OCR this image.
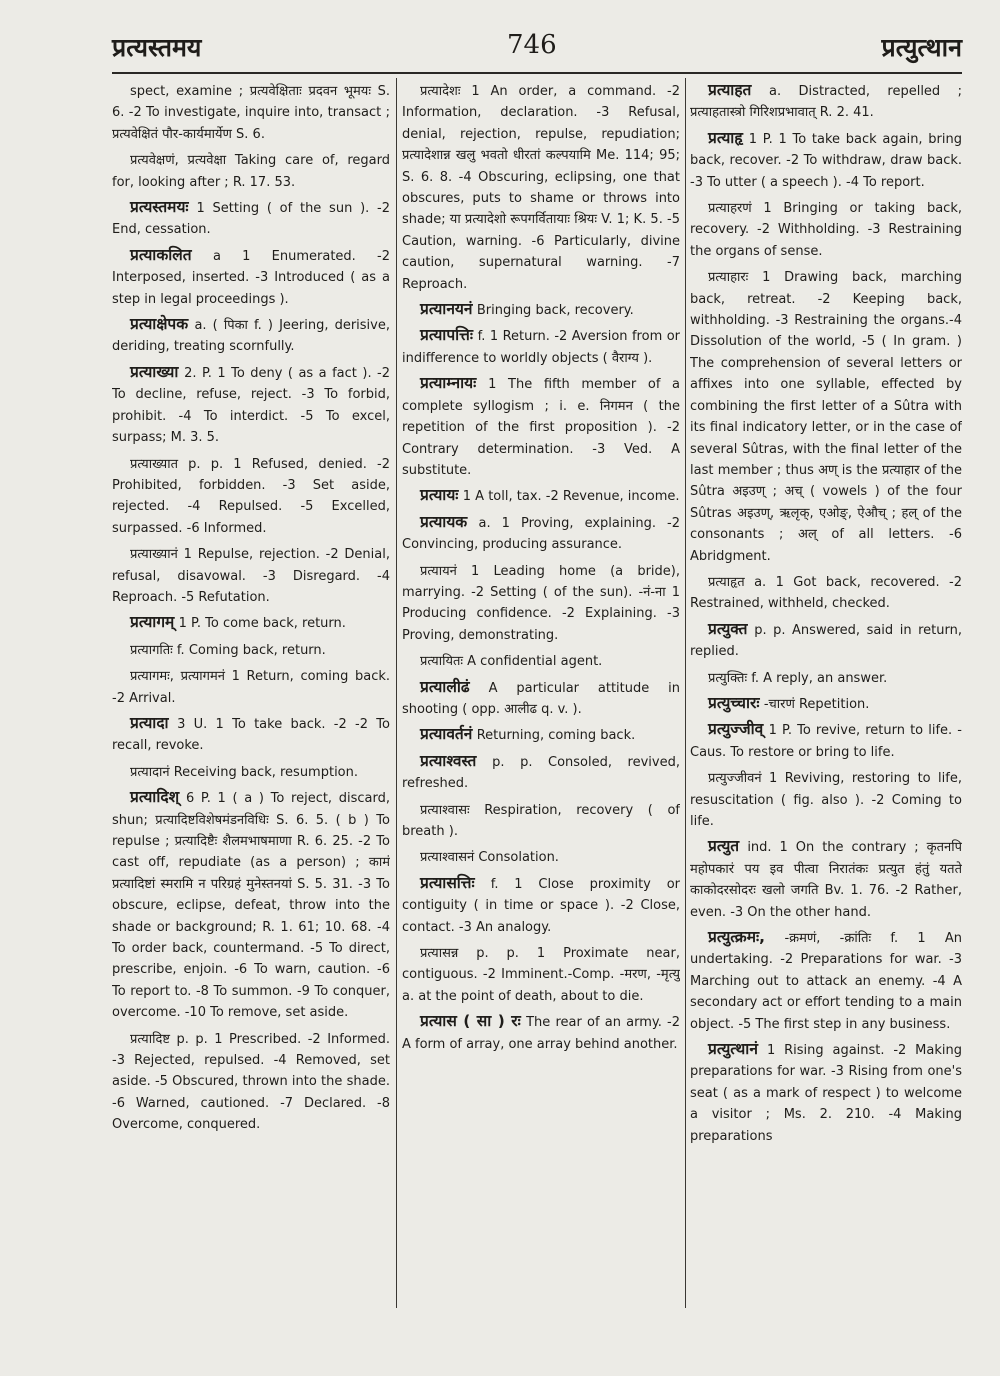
प्रत्यस्तमय	746	प्रत्युत्थान

spect, examine ; प्रत्यवेक्षिताः प्रदवन भूमयः S. 6. -2 To investigate, inquire into, transact ; प्रत्यवेक्षितं पौर-कार्यमार्येण S. 6.

प्रत्यवेक्षणं, प्रत्यवेक्षा Taking care of, regard for, looking after ; R. 17. 53.

प्रत्यस्तमयः 1 Setting ( of the sun ). -2 End, cessation.

प्रत्याकलित a 1 Enumerated. -2 Interposed, inserted. -3 Introduced ( as a step in legal proceedings ).

प्रत्याक्षेपक a. ( पिका f. ) Jeering, derisive, deriding, treating scornfully.

प्रत्याख्या 2. P. 1 To deny ( as a fact ). -2 To decline, refuse, reject. -3 To forbid, prohibit. -4 To interdict. -5 To excel, surpass; M. 3. 5.

प्रत्याख्यात p. p. 1 Refused, denied. -2 Prohibited, forbidden. -3 Set aside, rejected. -4 Repulsed. -5 Excelled, surpassed. -6 Informed.

प्रत्याख्यानं 1 Repulse, rejection. -2 Denial, refusal, disavowal. -3 Disregard. -4 Reproach. -5 Refutation.

प्रत्यागम् 1 P. To come back, return.

प्रत्यागतिः f. Coming back, return.

प्रत्यागमः, प्रत्यागमनं 1 Return, coming back. -2 Arrival.

प्रत्यादा 3 U. 1 To take back. -2 -2 To recall, revoke.

प्रत्यादानं Receiving back, resumption.

प्रत्यादिश् 6 P. 1 ( a ) To reject, discard, shun; प्रत्यादिष्टविशेषमंडनविधिः S. 6. 5. ( b ) To repulse ; प्रत्यादिष्टैः शैलमभाषमाणा R. 6. 25. -2 To cast off, repudiate (as a person) ; कामं प्रत्यादिष्टां स्मरामि न परिग्रहं मुनेस्तनयां S. 5. 31. -3 To obscure, eclipse, defeat, throw into the shade or background; R. 1. 61; 10. 68. -4 To order back, countermand. -5 To direct, prescribe, enjoin. -6 To warn, caution. -6 To report to. -8 To summon. -9 To conquer, overcome. -10 To remove, set aside.

प्रत्यादिष्ट p. p. 1 Prescribed. -2 Informed. -3 Rejected, repulsed. -4 Removed, set aside. -5 Obscured, thrown into the shade. -6 Warned, cautioned. -7 Declared. -8 Overcome, conquered.

प्रत्यादेशः 1 An order, a command. -2 Information, declaration. -3 Refusal, denial, rejection, repulse, repudiation; प्रत्यादेशान्न खलु भवतो धीरतां कल्पयामि Me. 114; 95; S. 6. 8. -4 Obscuring, eclipsing, one that obscures, puts to shame or throws into shade; या प्रत्यादेशो रूपगर्वितायाः श्रियः V. 1; K. 5. -5 Caution, warning. -6 Particularly, divine caution, supernatural warning. -7 Reproach.

प्रत्यानयनं Bringing back, recovery.

प्रत्यापत्तिः f. 1 Return. -2 Aversion from or indifference to worldly objects ( वैराग्य ).

प्रत्याम्नायः 1 The fifth member of a complete syllogism ; i. e. निगमन ( the repetition of the first proposition ). -2 Contrary determination. -3 Ved. A substitute.

प्रत्यायः 1 A toll, tax. -2 Revenue, income.

प्रत्यायक a. 1 Proving, explaining. -2 Convincing, producing assurance.

प्रत्यायनं 1 Leading home (a bride), marrying. -2 Setting ( of the sun). -नं-ना 1 Producing confidence. -2 Explaining. -3 Proving, demonstrating.

प्रत्यायितः A confidential agent.

प्रत्यालीढं A particular attitude in shooting ( opp. आलीढ q. v. ).

प्रत्यावर्तनं Returning, coming back.

प्रत्याश्वस्त p. p. Consoled, revived, refreshed.

प्रत्याश्वासः Respiration, recovery ( of breath ).

प्रत्याश्वासनं Consolation.

प्रत्यासत्तिः f. 1 Close proximity or contiguity ( in time or space ). -2 Close, contact. -3 An analogy.

प्रत्यासन्न p. p. 1 Proximate near, contiguous. -2 Imminent.-Comp. -मरण, -मृत्यु a. at the point of death, about to die.

प्रत्यास ( सा ) रः The rear of an army. -2 A form of array, one array behind another.

प्रत्याहत a. Distracted, repelled ; प्रत्याहतास्त्रो गिरिशप्रभावात् R. 2. 41.

प्रत्याहृ 1 P. 1 To take back again, bring back, recover. -2 To withdraw, draw back. -3 To utter ( a speech ). -4 To report.

प्रत्याहरणं 1 Bringing or taking back, recovery. -2 Withholding. -3 Restraining the organs of sense.

प्रत्याहारः 1 Drawing back, marching back, retreat. -2 Keeping back, withholding. -3 Restraining the organs.-4 Dissolution of the world, -5 ( In gram. ) The comprehension of several letters or affixes into one syllable, effected by combining the first letter of a Sûtra with its final indicatory letter, or in the case of several Sûtras, with the final letter of the last member ; thus अण् is the प्रत्याहार of the Sûtra अइउण् ; अच् ( vowels ) of the four Sûtras अइउण्, ऋलृक्, एओङ्, ऐऔच् ; हल् of the consonants ; अल् of all letters. -6 Abridgment.

प्रत्याहृत a. 1 Got back, recovered. -2 Restrained, withheld, checked.

प्रत्युक्त p. p. Answered, said in return, replied.

प्रत्युक्तिः f. A reply, an answer.

प्रत्युच्चारः -चारणं Repetition.

प्रत्युज्जीव् 1 P. To revive, return to life. -Caus. To restore or bring to life.

प्रत्युज्जीवनं 1 Reviving, restoring to life, resuscitation ( fig. also ). -2 Coming to life.

प्रत्युत ind. 1 On the contrary ; कृतनपि महोपकारं पय इव पीत्वा निरातंकः प्रत्युत हंतुं यतते काकोदरसोदरः खलो जगति Bv. 1. 76. -2 Rather, even. -3 On the other hand.

प्रत्युत्क्रमः, -क्रमणं, -क्रांतिः f. 1 An undertaking. -2 Preparations for war. -3 Marching out to attack an enemy. -4 A secondary act or effort tending to a main object. -5 The first step in any business.

प्रत्युत्थानं 1 Rising against. -2 Making preparations for war. -3 Rising from one's seat ( as a mark of respect ) to welcome a visitor ; Ms. 2. 210. -4 Making preparations
